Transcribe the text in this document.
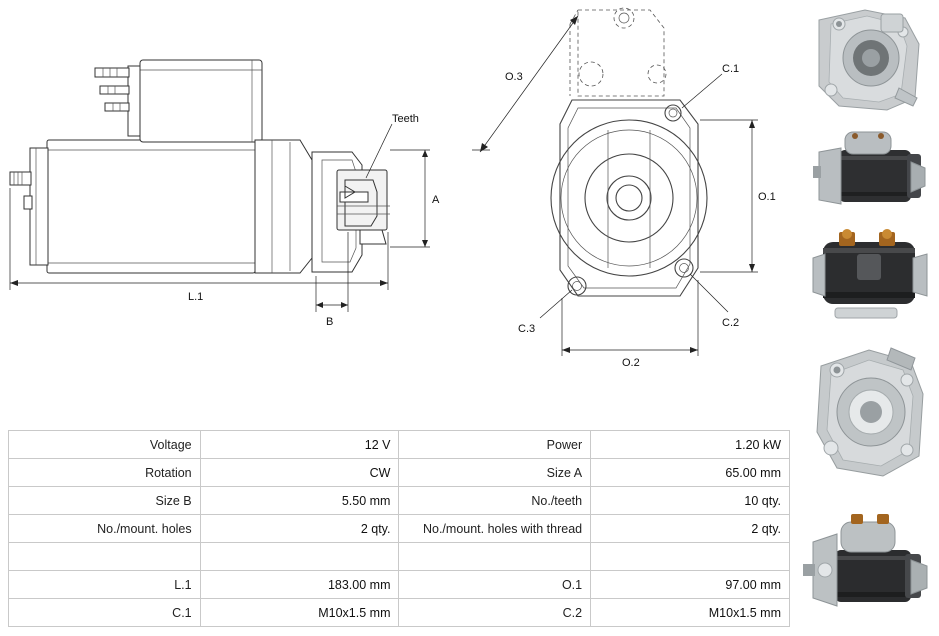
Teeth
A
B
L.1
O.3
O.1
O.2
C.1
C.2
C.3
Voltage	12 V	Power	1.20 kW
Rotation	CW	Size A	65.00 mm
Size B	5.50 mm	No./teeth	10 qty.
No./mount. holes	2 qty.	No./mount. holes with thread	2 qty.

L.1	183.00 mm	O.1	97.00 mm
C.1	M10x1.5 mm	C.2	M10x1.5 mm
